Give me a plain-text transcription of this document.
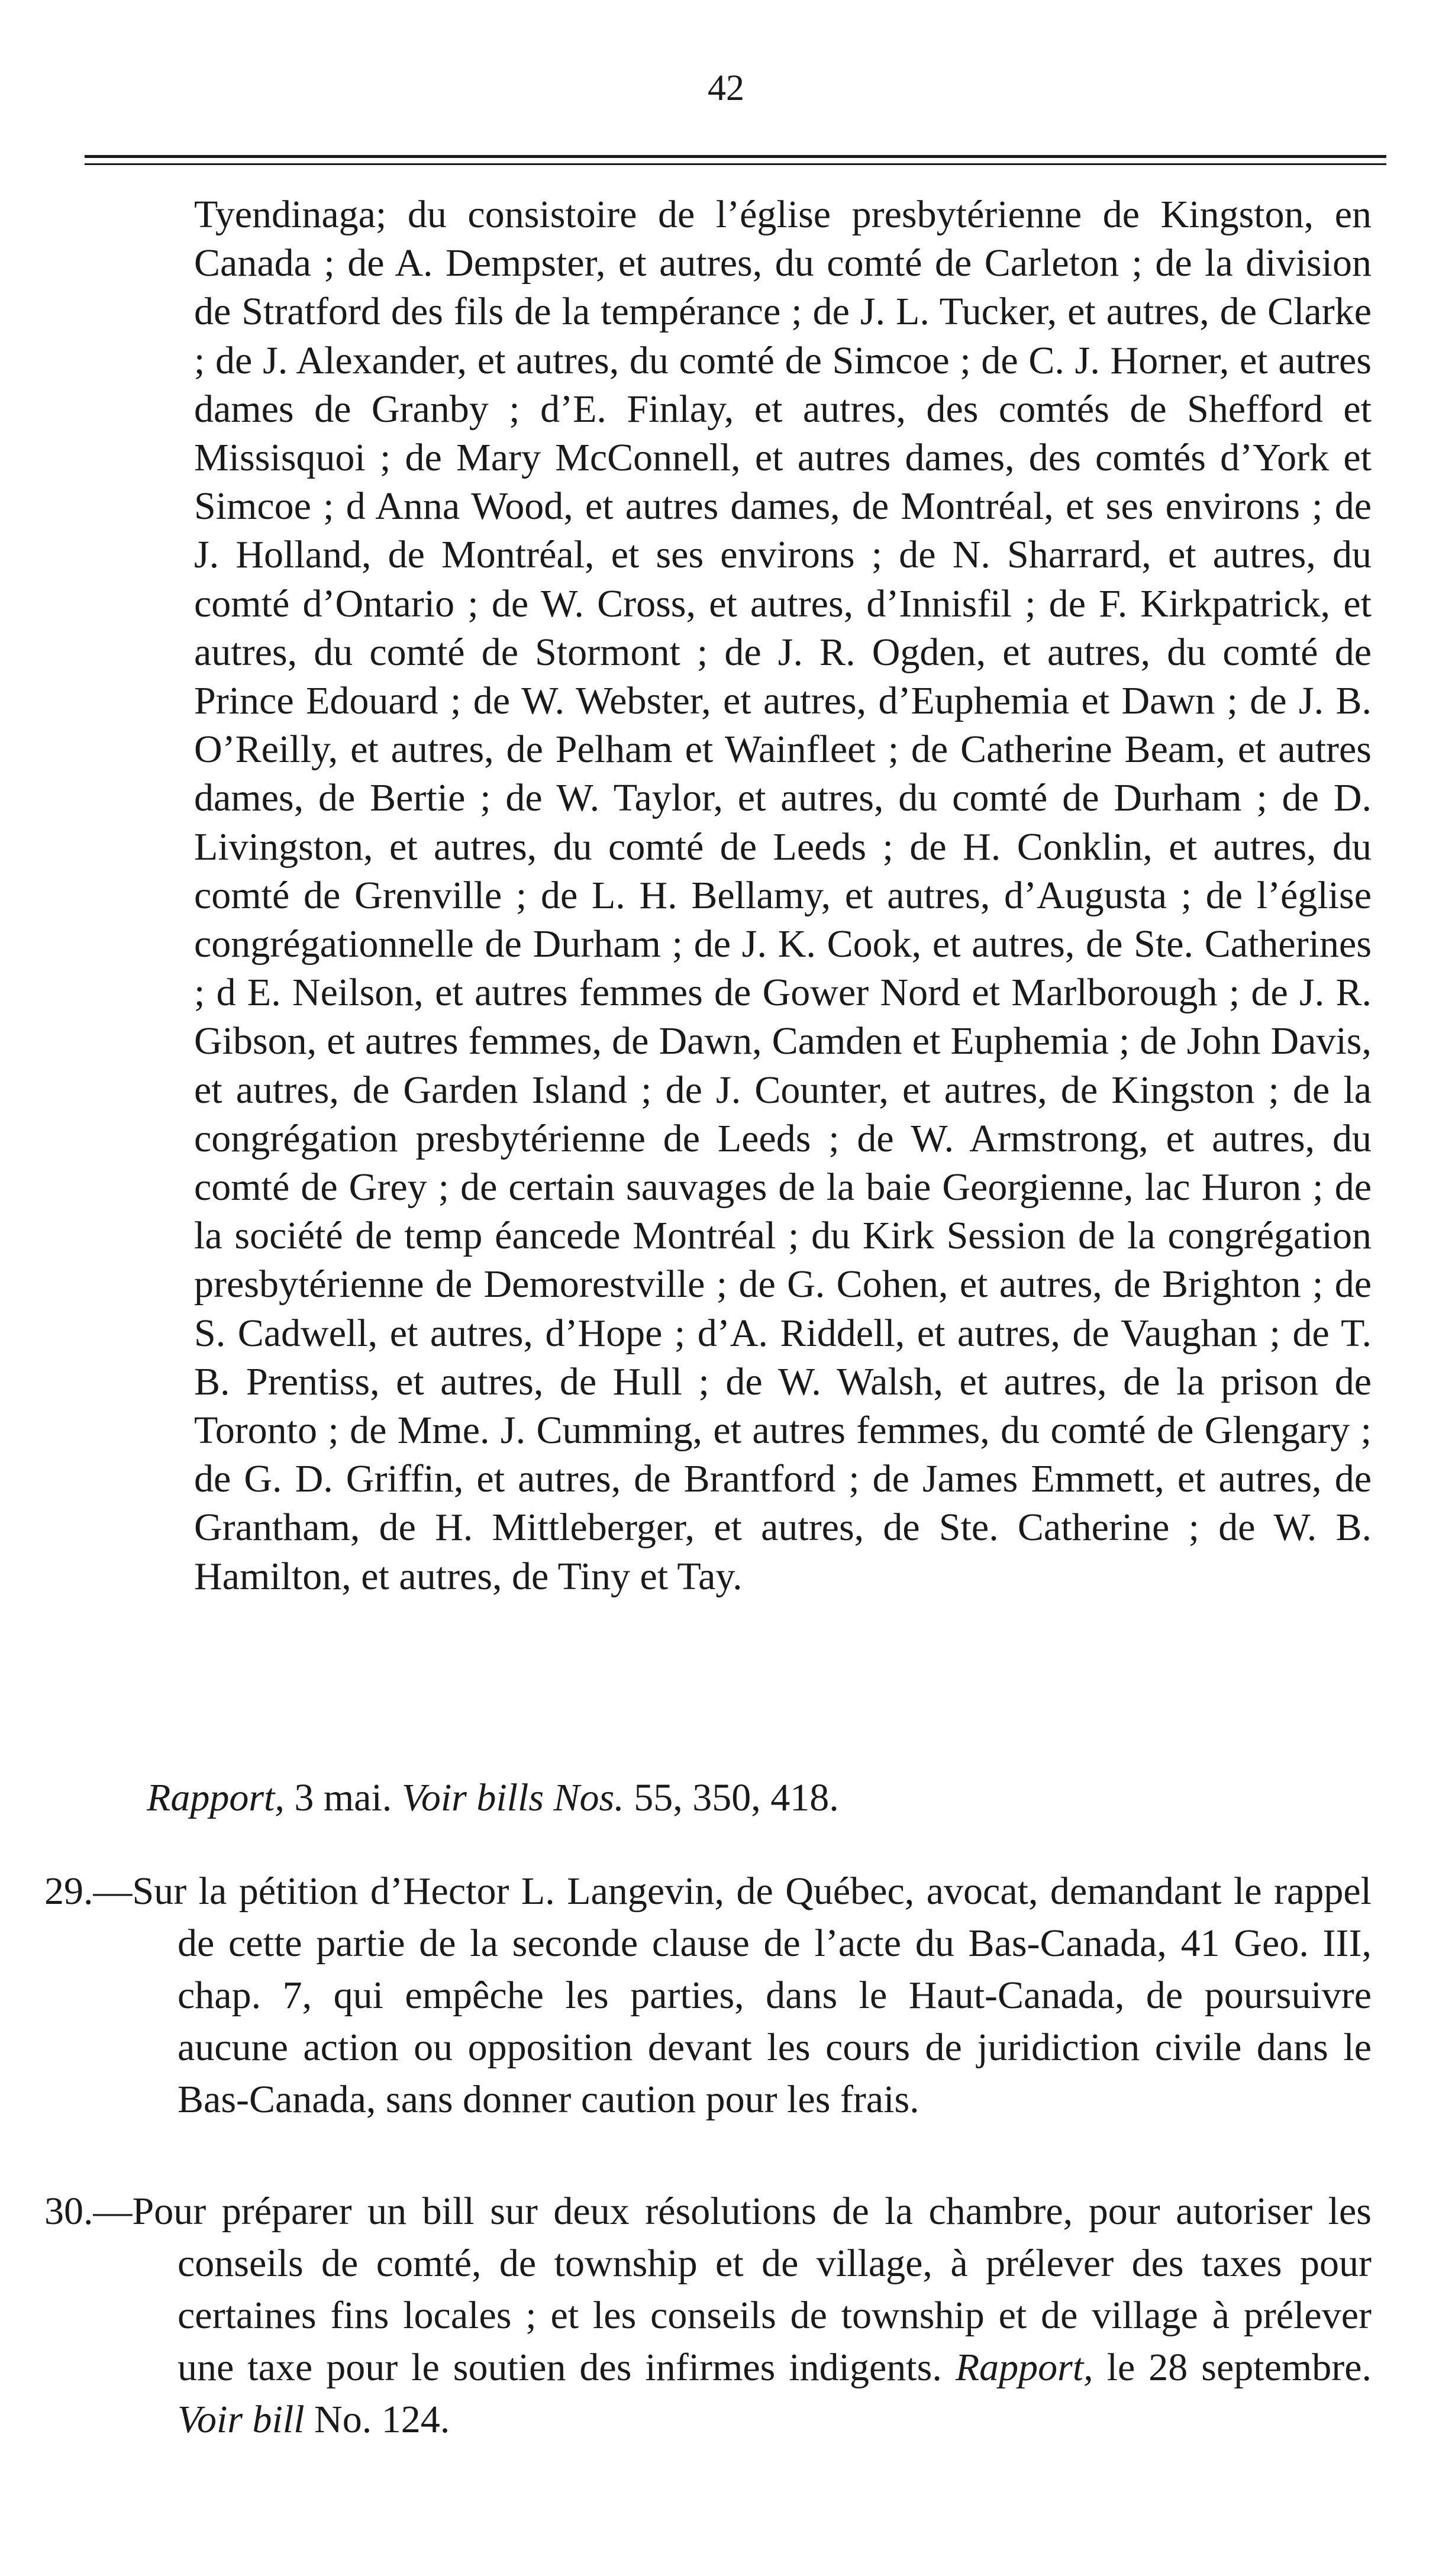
42
Tyendinaga; du consistoire de l’église presbytérienne de Kingston, en Canada ; de A. Dempster, et autres, du comté de Carleton ; de la division de Stratford des fils de la tempérance ; de J. L. Tucker, et autres, de Clarke ; de J. Alexander, et autres, du comté de Simcoe ; de C. J. Horner, et autres dames de Granby ; d’E. Finlay, et autres, des comtés de Shefford et Missisquoi ; de Mary McConnell, et autres dames, des comtés d’York et Simcoe ; d Anna Wood, et autres dames, de Montréal, et ses environs ; de J. Holland, de Montréal, et ses environs ; de N. Sharrard, et autres, du comté d’Ontario ; de W. Cross, et autres, d’Innisfil ; de F. Kirkpatrick, et autres, du comté de Stormont ; de J. R. Ogden, et autres, du comté de Prince Edouard ; de W. Webster, et autres, d’Euphemia et Dawn ; de J. B. O’Reilly, et autres, de Pelham et Wainfleet ; de Catherine Beam, et autres dames, de Bertie ; de W. Taylor, et autres, du comté de Durham ; de D. Livingston, et autres, du comté de Leeds ; de H. Conklin, et autres, du comté de Grenville ; de L. H. Bellamy, et autres, d’Augusta ; de l’église congrégationnelle de Durham ; de J. K. Cook, et autres, de Ste. Catherines ; d E. Neilson, et autres femmes de Gower Nord et Marlborough ; de J. R. Gibson, et autres femmes, de Dawn, Camden et Euphemia ; de John Davis, et autres, de Garden Island ; de J. Counter, et autres, de Kingston ; de la congrégation presbytérienne de Leeds ; de W. Armstrong, et autres, du comté de Grey ; de certain sauvages de la baie Georgienne, lac Huron ; de la société de temp éancede Montréal ; du Kirk Session de la congrégation presbytérienne de Demorestville ; de G. Cohen, et autres, de Brighton ; de S. Cadwell, et autres, d’Hope ; d’A. Riddell, et autres, de Vaughan ; de T. B. Prentiss, et autres, de Hull ; de W. Walsh, et autres, de la prison de Toronto ; de Mme. J. Cumming, et autres femmes, du comté de Glengary ; de G. D. Griffin, et autres, de Brantford ; de James Emmett, et autres, de Grantham, de H. Mittleberger, et autres, de Ste. Catherine ; de W. B. Hamilton, et autres, de Tiny et Tay.
Rapport, 3 mai. Voir bills Nos. 55, 350, 418.
29.—Sur la pétition d’Hector L. Langevin, de Québec, avocat, demandant le rappel de cette partie de la seconde clause de l’acte du Bas-Canada, 41 Geo. III, chap. 7, qui empêche les parties, dans le Haut-Canada, de poursuivre aucune action ou opposition devant les cours de juridiction civile dans le Bas-Canada, sans donner caution pour les frais.
30.—Pour préparer un bill sur deux résolutions de la chambre, pour autoriser les conseils de comté, de township et de village, à prélever des taxes pour certaines fins locales ; et les conseils de township et de village à prélever une taxe pour le soutien des infirmes indigents. Rapport, le 28 septembre. Voir bill No. 124.
